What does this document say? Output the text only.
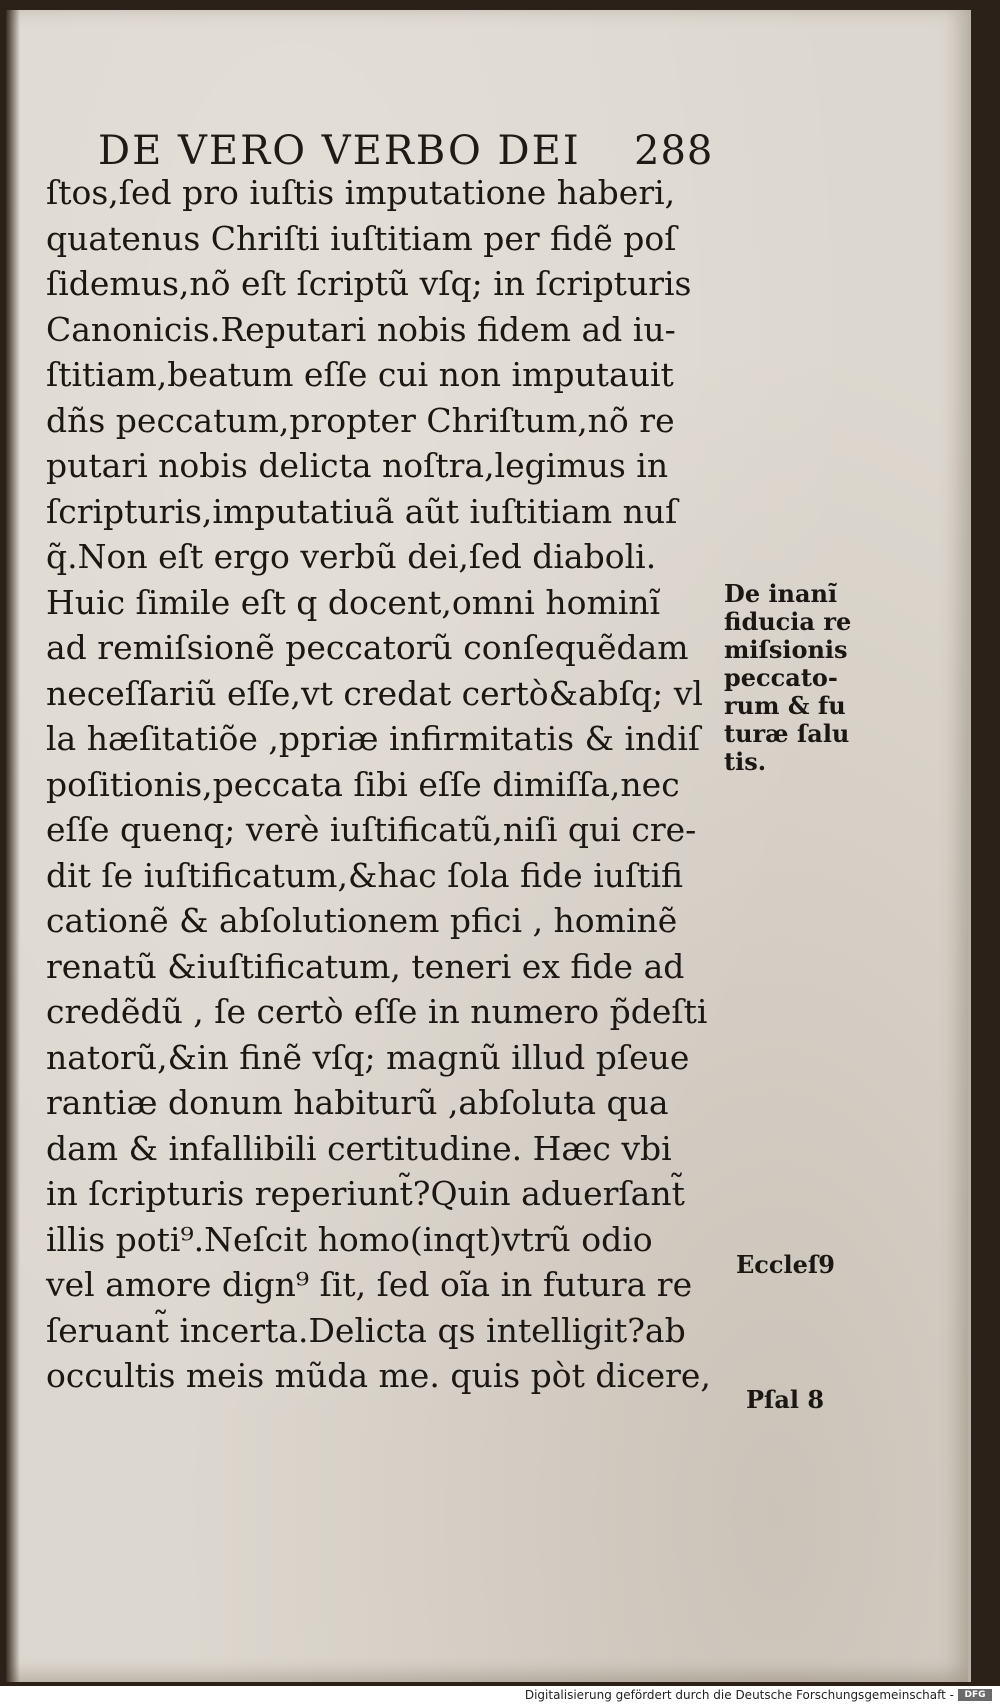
DE VERO VERBO DEI 288
ſtos,ſed pro iuſtis imputatione haberi,
quatenus Chriſti iuſtitiam per fidẽ poſ
ſidemus,nõ eſt ſcriptũ vſq; in ſcripturis
Canonicis.Reputari nobis fidem ad iu-
ſtitiam,beatum eſſe cui non imputauit
dñs peccatum,propter Chriſtum,nõ re
putari nobis delicta noſtra,legimus in
ſcripturis,imputatiuã aũt iuſtitiam nuſ
q̃.Non eſt ergo verbũ dei,ſed diaboli.
Huic ſimile eſt q͏ docent,omni hominĩ
ad remiſsionẽ peccatorũ conſequẽdam
neceſſariũ eſſe,vt credat certò&abſq; vl
la hæſitatiõe ,ppriæ infirmitatis & indiſ
poſitionis,peccata ſibi eſſe dimiſſa,nec
eſſe quenq; verè iuſtificatũ,niſi qui cre-
dit ſe iuſtificatum,&hac ſola fide iuſtifi
cationẽ & abſolutionem pfici , hominẽ
renatũ &iuſtificatum, teneri ex fide ad
credẽdũ , ſe certò eſſe in numero p̃deſti
natorũ,&in finẽ vſq; magnũ illud pſeue
rantiæ donum habiturũ ,abſoluta qua
dam & infallibili certitudine. Hæc vbi
in ſcripturis reperiunt̃?Quin aduerſant̃
illis poti⁹.Neſcit homo(inqt)vtrũ odio
vel amore dign⁹ ſit, ſed oĩa in futura re
ſeruant̃ incerta.Delicta qs intelligit?ab
occultis meis mũda me. quis pòt dicere,
De inanĩ
fiducia re
miſsionis
peccato-
rum & fu
turæ ſalu
tis.
Eccleſ9
Pſal 8
Digitalisierung gefördert durch die Deutsche Forschungsgemeinschaft -	DFG
